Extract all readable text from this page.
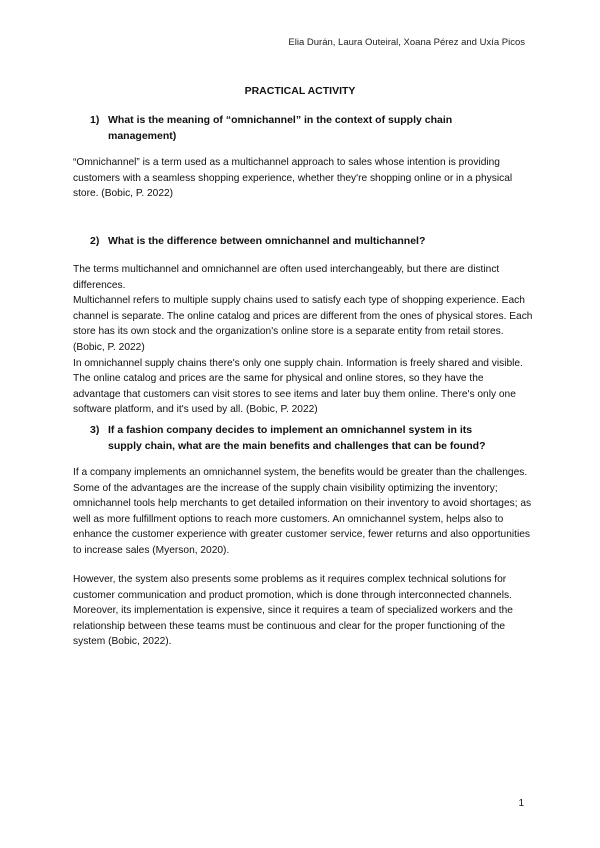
Elia Durán, Laura Outeiral, Xoana Pérez and Uxía Picos
PRACTICAL ACTIVITY
1) What is the meaning of “omnichannel” in the context of supply chain management)

“Omnichannel” is a term used as a multichannel approach to sales whose intention is providing customers with a seamless shopping experience, whether they're shopping online or in a physical store. (Bobic, P. 2022)

2) What is the difference between omnichannel and multichannel?
The terms multichannel and omnichannel are often used interchangeably, but there are distinct differences.
Multichannel refers to multiple supply chains used to satisfy each type of shopping experience. Each channel is separate. The online catalog and prices are different from the ones of physical stores. Each store has its own stock and the organization's online store is a separate entity from retail stores.(Bobic, P. 2022)
In omnichannel supply chains there's only one supply chain. Information is freely shared and visible. The online catalog and prices are the same for physical and online stores, so they have the advantage that customers can visit stores to see items and later buy them online. There's only one software platform, and it's used by all. (Bobic, P. 2022)
3) If a fashion company decides to implement an omnichannel system in its supply chain, what are the main benefits and challenges that can be found?

If a company implements an omnichannel system, the benefits would be greater than the challenges. Some of the advantages are the increase of the supply chain visibility optimizing the inventory; omnichannel tools help merchants to get detailed information on their inventory to avoid shortages; as well as more fulfillment options to reach more customers. An omnichannel system, helps also to enhance the customer experience with greater customer service, fewer returns and also opportunities to increase sales (Myerson, 2020).

However, the system also presents some problems as it requires complex technical solutions for customer communication and product promotion, which is done through interconnected channels. Moreover, its implementation is expensive, since it requires a team of specialized workers and the relationship between these teams must be continuous and clear for the proper functioning of the system (Bobic, 2022).

1
